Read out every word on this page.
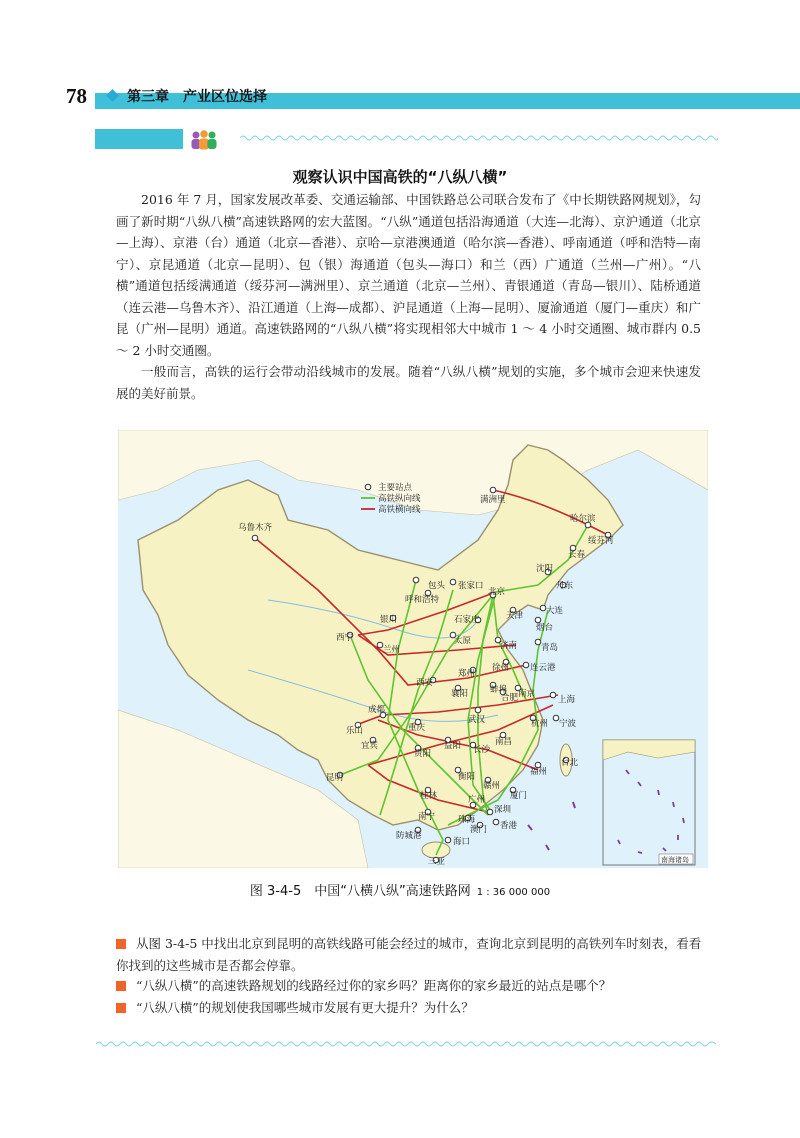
78	第三章 产业区位选择
观察认识中国高铁的“八纵八横”
2016 年 7 月，国家发展改革委、交通运输部、中国铁路总公司联合发布了《中长期铁路网规划》，勾画了新时期“八纵八横”高速铁路网的宏大蓝图。“八纵”通道包括沿海通道（大连—北海）、京沪通道（北京—上海）、京港（台）通道（北京—香港）、京哈—京港澳通道（哈尔滨—香港）、呼南通道（呼和浩特—南宁）、京昆通道（北京—昆明）、包（银）海通道（包头—海口）和兰（西）广通道（兰州—广州）。“八横”通道包括绥满通道（绥芬河—满洲里）、京兰通道（北京—兰州）、青银通道（青岛—银川）、陆桥通道（连云港—乌鲁木齐）、沿江通道（上海—成都）、沪昆通道（上海—昆明）、厦渝通道（厦门—重庆）和广昆（广州—昆明）通道。高速铁路网的“八纵八横”将实现相邻大中城市 1 ～ 4 小时交通圈、城市群内 0.5 ～ 2 小时交通圈。
一般而言，高铁的运行会带动沿线城市的发展。随着“八纵八横”规划的实施，多个城市会迎来快速发展的美好前景。
乌鲁木齐
满洲里
哈尔滨
绥芬河
长春
沈阳
丹东
包头 张家口
呼和浩特
北京
天津	大连
石家庄
烟台
银川
太原	济南	青岛
西宁
兰州
徐州 连云港
郑州
蚌埠 南京
上海
西安
襄阳	合肥
成都
武汉	杭州 宁波
乐山	重庆
南昌
宜宾
贵阳	长沙
益阳
福州
衡阳
台北
昆明
赣州
桂林	广州	厦门
深圳
南宁	珠海
香港
澳门
防城港
海口
三亚
主要站点
高铁纵向线
高铁横向线
南海诸岛
图 3-4-5　中国“八横八纵”高速铁路网 1 : 36 000 000
从图 3-4-5 中找出北京到昆明的高铁线路可能会经过的城市，查询北京到昆明的高铁列车时刻表，看看你找到的这些城市是否都会停靠。
“八纵八横”的高速铁路规划的线路经过你的家乡吗？距离你的家乡最近的站点是哪个？
“八纵八横”的规划使我国哪些城市发展有更大提升？为什么？
